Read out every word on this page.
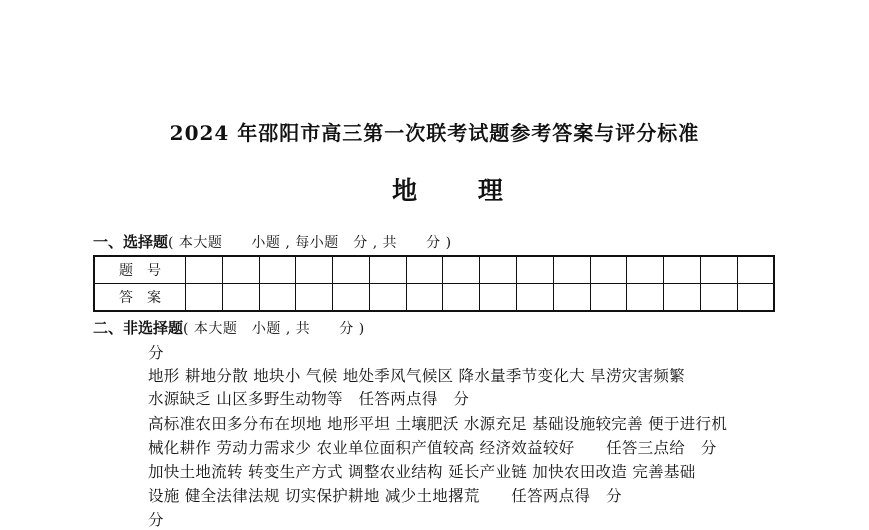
2024 年邵阳市高三第一次联考试题参考答案与评分标准
地 理
一、选择题( 本大题　　小题 , 每小题　分 , 共　　分 )
题号																
答案																
二、非选择题( 本大题　小题 , 共　　分 )
分
地形 耕地分散 地块小 气候 地处季风气候区 降水量季节变化大 旱涝灾害频繁
水源缺乏 山区多野生动物等　任答两点得　分
高标准农田多分布在坝地 地形平坦 土壤肥沃 水源充足 基础设施较完善 便于进行机
械化耕作 劳动力需求少 农业单位面积产值较高 经济效益较好　　任答三点给　分
加快土地流转 转变生产方式 调整农业结构 延长产业链 加快农田改造 完善基础
设施 健全法律法规 切实保护耕地 减少土地撂荒　　任答两点得　分
分
